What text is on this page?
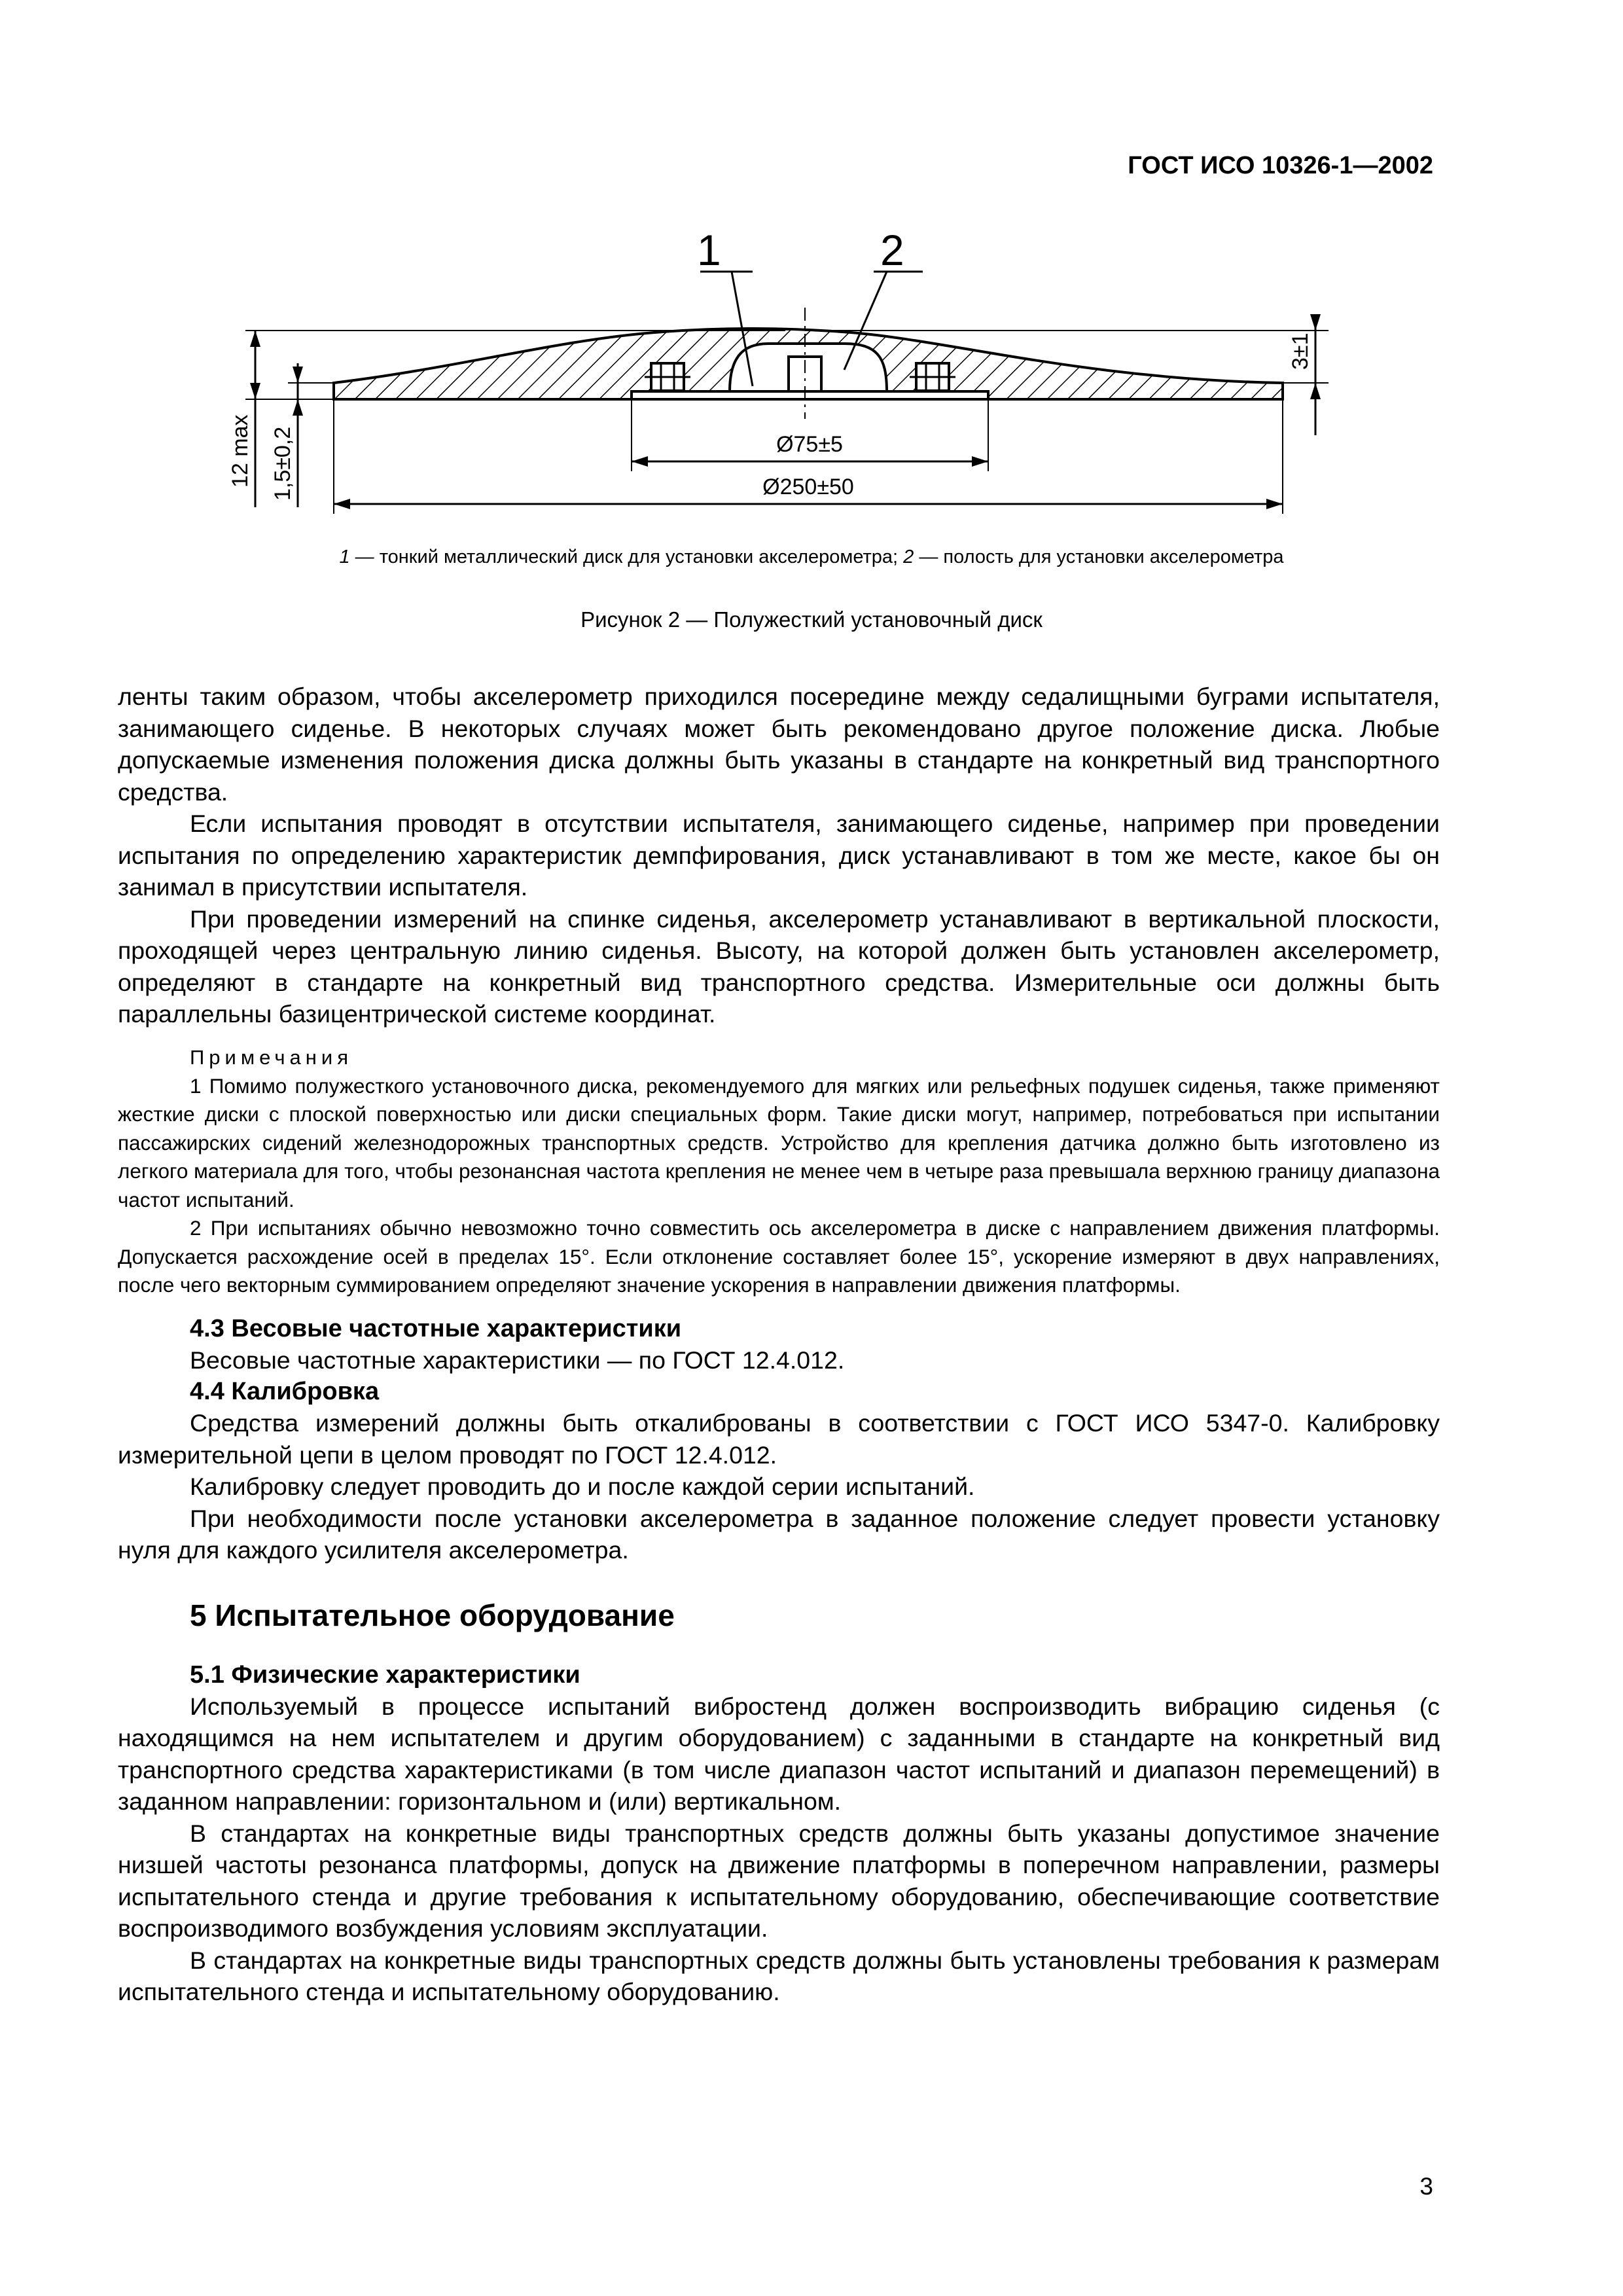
ГОСТ ИСО 10326-1—2002
1	2
12 max 1,5±0,2
3±1
Ø75±5
Ø250±50
1 — тонкий металлический диск для установки акселерометра; 2 — полость для установки акселерометра
Рисунок 2 — Полужесткий установочный диск

ленты таким образом, чтобы акселерометр приходился посередине между седалищными буграми испытателя, занимающего сиденье. В некоторых случаях может быть рекомендовано другое положение диска. Любые допускаемые изменения положения диска должны быть указаны в стандарте на конкретный вид транспортного средства.

Если испытания проводят в отсутствии испытателя, занимающего сиденье, например при проведении испытания по определению характеристик демпфирования, диск устанавливают в том же месте, какое бы он занимал в присутствии испытателя.

При проведении измерений на спинке сиденья, акселерометр устанавливают в вертикальной плоскости, проходящей через центральную линию сиденья. Высоту, на которой должен быть установлен акселерометр, определяют в стандарте на конкретный вид транспортного средства. Измерительные оси должны быть параллельны базицентрической системе координат.

Примечания

1 Помимо полужесткого установочного диска, рекомендуемого для мягких или рельефных подушек сиденья, также применяют жесткие диски с плоской поверхностью или диски специальных форм. Такие диски могут, например, потребоваться при испытании пассажирских сидений железнодорожных транспортных средств. Устройство для крепления датчика должно быть изготовлено из легкого материала для того, чтобы резонансная частота крепления не менее чем в четыре раза превышала верхнюю границу диапазона частот испытаний.

2 При испытаниях обычно невозможно точно совместить ось акселерометра в диске с направлением движения платформы. Допускается расхождение осей в пределах 15°. Если отклонение составляет более 15°, ускорение измеряют в двух направлениях, после чего векторным суммированием определяют значение ускорения в направлении движения платформы.

4.3 Весовые частотные характеристики

Весовые частотные характеристики — по ГОСТ 12.4.012.

4.4 Калибровка

Средства измерений должны быть откалиброваны в соответствии с ГОСТ ИСО 5347-0. Калибровку измерительной цепи в целом проводят по ГОСТ 12.4.012.

Калибровку следует проводить до и после каждой серии испытаний.

При необходимости после установки акселерометра в заданное положение следует провести установку нуля для каждого усилителя акселерометра.

5 Испытательное оборудование

5.1 Физические характеристики

Используемый в процессе испытаний вибростенд должен воспроизводить вибрацию сиденья (с находящимся на нем испытателем и другим оборудованием) с заданными в стандарте на конкретный вид транспортного средства характеристиками (в том числе диапазон частот испытаний и диапазон перемещений) в заданном направлении: горизонтальном и (или) вертикальном.

В стандартах на конкретные виды транспортных средств должны быть указаны допустимое значение низшей частоты резонанса платформы, допуск на движение платформы в поперечном направлении, размеры испытательного стенда и другие требования к испытательному оборудованию, обеспечивающие соответствие воспроизводимого возбуждения условиям эксплуатации.

В стандартах на конкретные виды транспортных средств должны быть установлены требования к размерам испытательного стенда и испытательному оборудованию.

3
